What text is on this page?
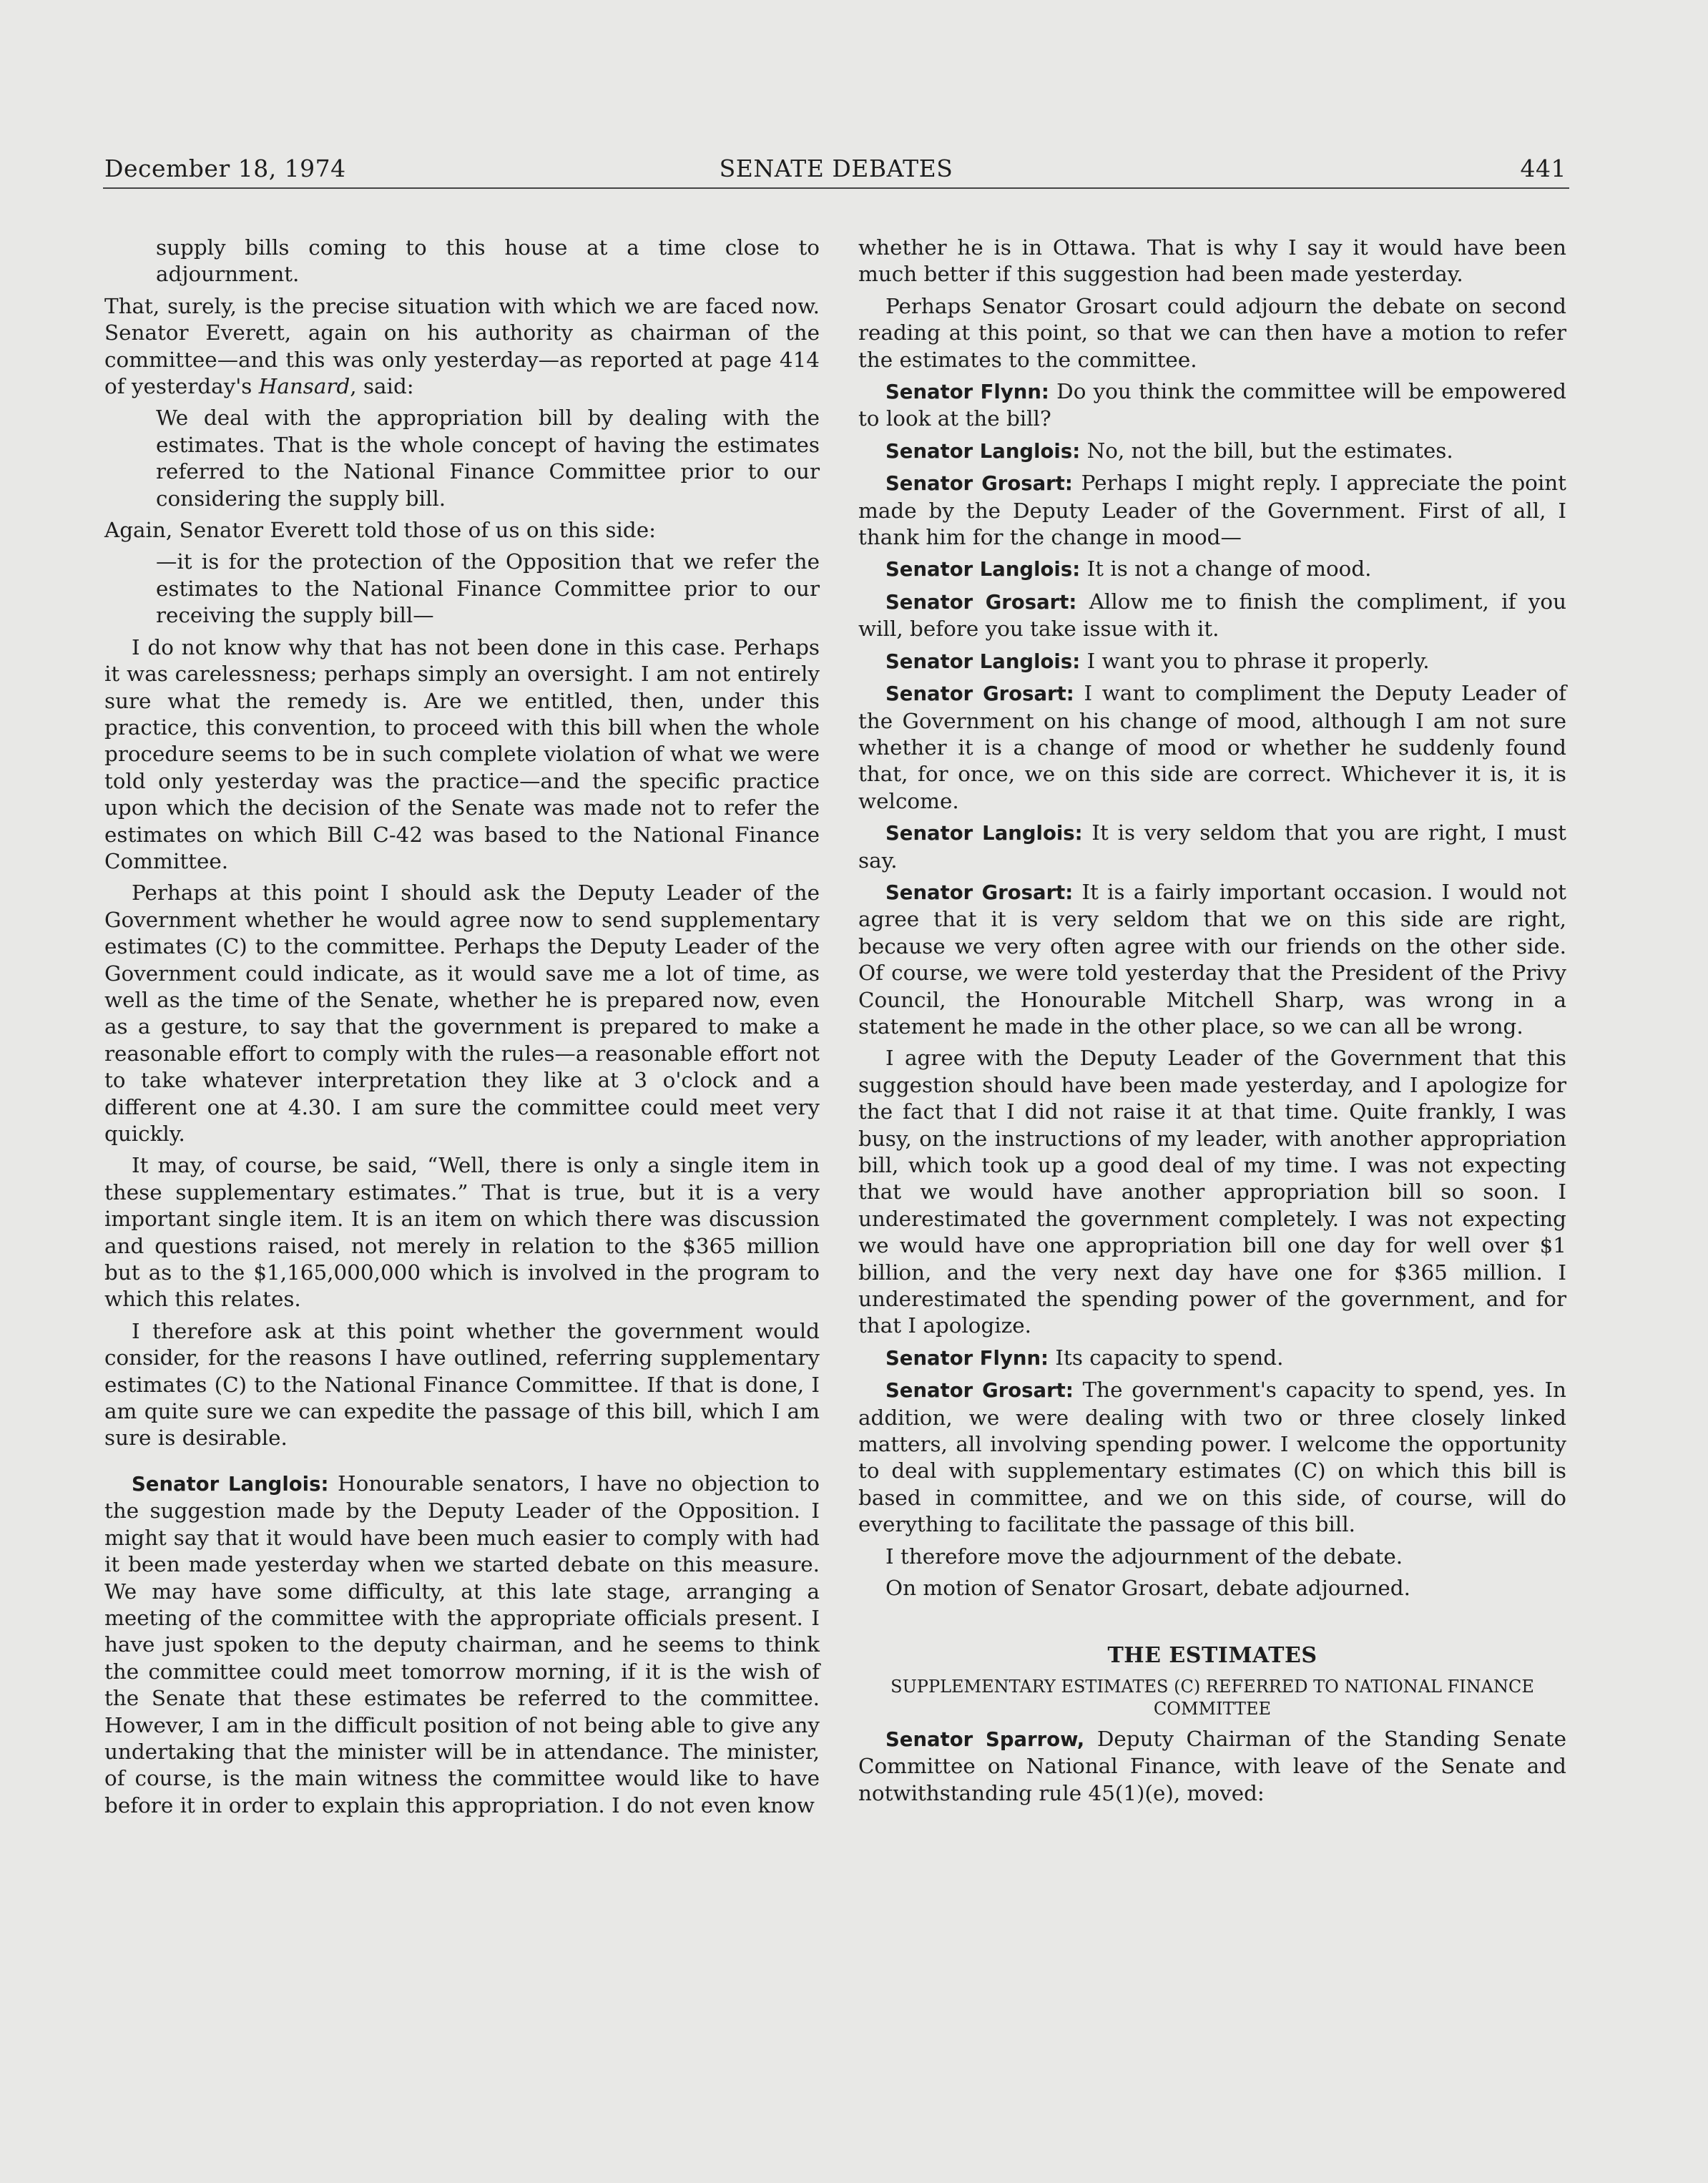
December 18, 1974	SENATE DEBATES	441

supply bills coming to this house at a time close to adjournment.

That, surely, is the precise situation with which we are faced now. Senator Everett, again on his authority as chairman of the committee—and this was only yesterday—as reported at page 414 of yesterday's Hansard, said:

We deal with the appropriation bill by dealing with the estimates. That is the whole concept of having the estimates referred to the National Finance Committee prior to our considering the supply bill.

Again, Senator Everett told those of us on this side:

—it is for the protection of the Opposition that we refer the estimates to the National Finance Committee prior to our receiving the supply bill—

I do not know why that has not been done in this case. Perhaps it was carelessness; perhaps simply an oversight. I am not entirely sure what the remedy is. Are we entitled, then, under this practice, this convention, to proceed with this bill when the whole procedure seems to be in such complete violation of what we were told only yesterday was the practice—and the specific practice upon which the decision of the Senate was made not to refer the estimates on which Bill C-42 was based to the National Finance Committee.

Perhaps at this point I should ask the Deputy Leader of the Government whether he would agree now to send supplementary estimates (C) to the committee. Perhaps the Deputy Leader of the Government could indicate, as it would save me a lot of time, as well as the time of the Senate, whether he is prepared now, even as a gesture, to say that the government is prepared to make a reasonable effort to comply with the rules—a reasonable effort not to take whatever interpretation they like at 3 o'clock and a different one at 4.30. I am sure the committee could meet very quickly.

It may, of course, be said, “Well, there is only a single item in these supplementary estimates.” That is true, but it is a very important single item. It is an item on which there was discussion and questions raised, not merely in relation to the $365 million but as to the $1,165,000,000 which is involved in the program to which this relates.

I therefore ask at this point whether the government would consider, for the reasons I have outlined, referring supplementary estimates (C) to the National Finance Committee. If that is done, I am quite sure we can expedite the passage of this bill, which I am sure is desirable.

Senator Langlois: Honourable senators, I have no objection to the suggestion made by the Deputy Leader of the Opposition. I might say that it would have been much easier to comply with had it been made yesterday when we started debate on this measure. We may have some difficulty, at this late stage, arranging a meeting of the committee with the appropriate officials present. I have just spoken to the deputy chairman, and he seems to think the committee could meet tomorrow morning, if it is the wish of the Senate that these estimates be referred to the committee. However, I am in the difficult position of not being able to give any undertaking that the minister will be in attendance. The minister, of course, is the main witness the committee would like to have before it in order to explain this appropriation. I do not even know

whether he is in Ottawa. That is why I say it would have been much better if this suggestion had been made yesterday.

Perhaps Senator Grosart could adjourn the debate on second reading at this point, so that we can then have a motion to refer the estimates to the committee.

Senator Flynn: Do you think the committee will be empowered to look at the bill?

Senator Langlois: No, not the bill, but the estimates.

Senator Grosart: Perhaps I might reply. I appreciate the point made by the Deputy Leader of the Government. First of all, I thank him for the change in mood—

Senator Langlois: It is not a change of mood.

Senator Grosart: Allow me to finish the compliment, if you will, before you take issue with it.

Senator Langlois: I want you to phrase it properly.

Senator Grosart: I want to compliment the Deputy Leader of the Government on his change of mood, although I am not sure whether it is a change of mood or whether he suddenly found that, for once, we on this side are correct. Whichever it is, it is welcome.

Senator Langlois: It is very seldom that you are right, I must say.

Senator Grosart: It is a fairly important occasion. I would not agree that it is very seldom that we on this side are right, because we very often agree with our friends on the other side. Of course, we were told yesterday that the President of the Privy Council, the Honourable Mitchell Sharp, was wrong in a statement he made in the other place, so we can all be wrong.

I agree with the Deputy Leader of the Government that this suggestion should have been made yesterday, and I apologize for the fact that I did not raise it at that time. Quite frankly, I was busy, on the instructions of my leader, with another appropriation bill, which took up a good deal of my time. I was not expecting that we would have another appropriation bill so soon. I underestimated the government completely. I was not expecting we would have one appropriation bill one day for well over $1 billion, and the very next day have one for $365 million. I underestimated the spending power of the government, and for that I apologize.

Senator Flynn: Its capacity to spend.

Senator Grosart: The government's capacity to spend, yes. In addition, we were dealing with two or three closely linked matters, all involving spending power. I welcome the opportunity to deal with supplementary estimates (C) on which this bill is based in committee, and we on this side, of course, will do everything to facilitate the passage of this bill.

I therefore move the adjournment of the debate.

On motion of Senator Grosart, debate adjourned.

THE ESTIMATES

SUPPLEMENTARY ESTIMATES (C) REFERRED TO NATIONAL FINANCE COMMITTEE

Senator Sparrow, Deputy Chairman of the Standing Senate Committee on National Finance, with leave of the Senate and notwithstanding rule 45(1)(e), moved:
